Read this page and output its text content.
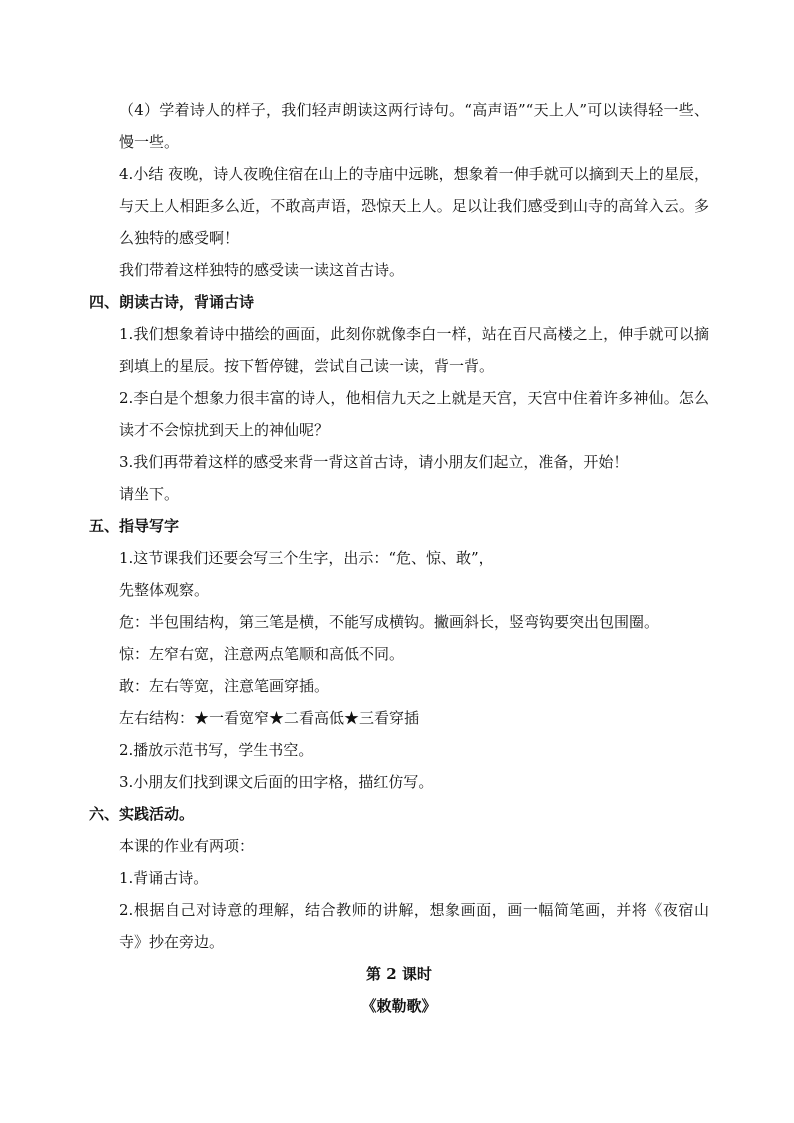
（4）学着诗人的样子，我们轻声朗读这两行诗句。“高声语”“天上人”可以读得轻一些、慢一些。

4.小结 夜晚，诗人夜晚住宿在山上的寺庙中远眺，想象着一伸手就可以摘到天上的星辰，与天上人相距多么近，不敢高声语，恐惊天上人。足以让我们感受到山寺的高耸入云。多么独特的感受啊！

我们带着这样独特的感受读一读这首古诗。

四、朗读古诗，背诵古诗

1.我们想象着诗中描绘的画面，此刻你就像李白一样，站在百尺高楼之上，伸手就可以摘到填上的星辰。按下暂停键，尝试自己读一读，背一背。

2.李白是个想象力很丰富的诗人，他相信九天之上就是天宫，天宫中住着许多神仙。怎么读才不会惊扰到天上的神仙呢？

3.我们再带着这样的感受来背一背这首古诗，请小朋友们起立，准备，开始！

请坐下。

五、指导写字

1.这节课我们还要会写三个生字，出示：“危、惊、敢”，

先整体观察。

危：半包围结构，第三笔是横，不能写成横钩。撇画斜长，竖弯钩要突出包围圈。

惊：左窄右宽，注意两点笔顺和高低不同。

敢：左右等宽，注意笔画穿插。

左右结构：★一看宽窄★二看高低★三看穿插

2.播放示范书写，学生书空。

3.小朋友们找到课文后面的田字格，描红仿写。

六、实践活动。

本课的作业有两项：

1.背诵古诗。

2.根据自己对诗意的理解，结合教师的讲解，想象画面，画一幅简笔画，并将《夜宿山寺》抄在旁边。

第 2 课时

《敕勒歌》
